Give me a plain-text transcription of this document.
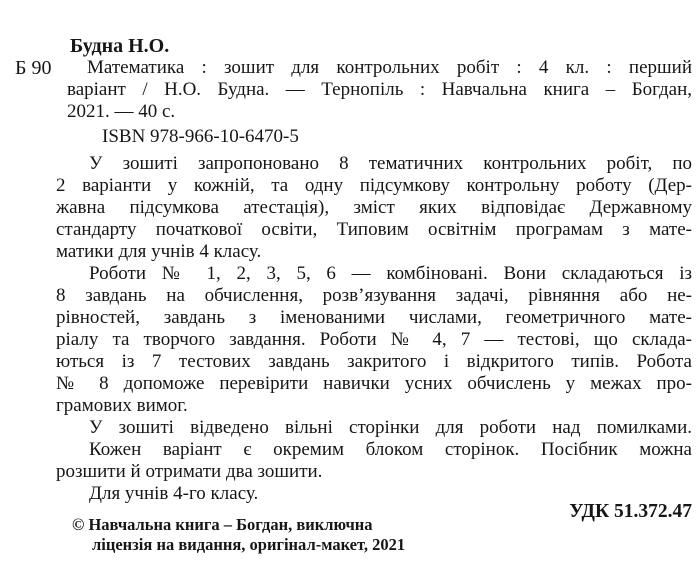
Будна Н.О.
Б 90	Математика : зошит для контрольних робіт : 4 кл. : перший
варіант / Н.О. Будна. — Тернопіль : Навчальна книга – Богдан,
2021. — 40 с.
ISBN 978-966-10-6470-5
У зошиті запропоновано 8 тематичних контрольних робіт, по
2 варіанти у кожній, та одну підсумкову контрольну роботу (Дер-
жавна підсумкова атестація), зміст яких відповідає Державному
стандарту початкової освіти, Типовим освітнім програмам з мате-
матики для учнів 4 класу.
Роботи № 1, 2, 3, 5, 6 — комбіновані. Вони складаються із
8 завдань на обчислення, розв’язування задачі, рівняння або не-
рівностей, завдань з іменованими числами, геометричного мате-
ріалу та творчого завдання. Роботи № 4, 7 — тестові, що склада-
ються із 7 тестових завдань закритого і відкритого типів. Робота
№ 8 допоможе перевірити навички усних обчислень у межах про-
грамових вимог.
У зошиті відведено вільні сторінки для роботи над помилками.
Кожен варіант є окремим блоком сторінок. Посібник можна
розшити й отримати два зошити.
Для учнів 4-го класу.
УДК 51.372.47
© Навчальна книга – Богдан, виключна
ліцензія на видання, оригінал-макет, 2021
